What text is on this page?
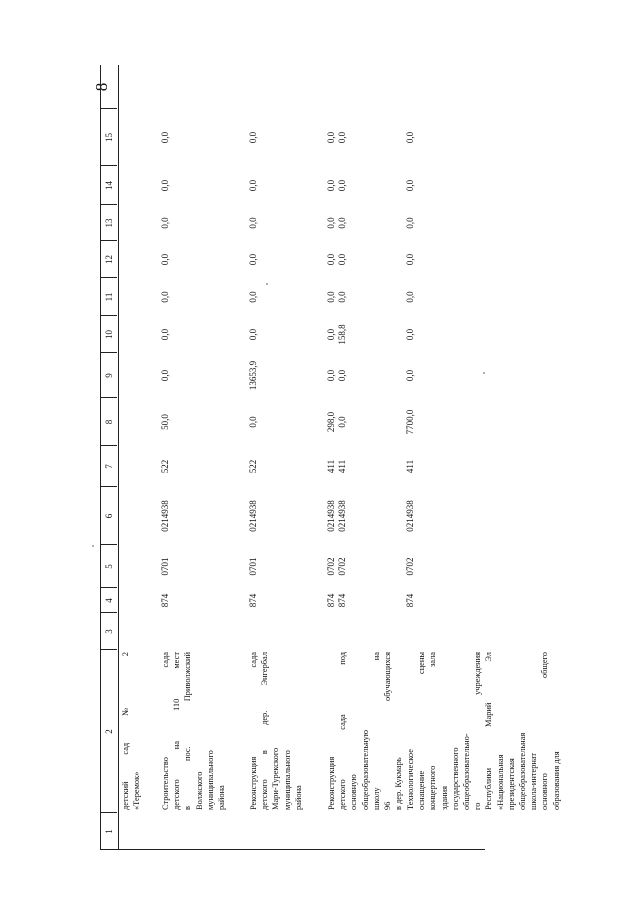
8
1
2
3
4
5
6
7
8
9
10
11
12
13
14
15
детский сад № 2 «Теремок» Строительство сада детского на 110 мест в пос. Приволжский Волжского муниципального района
874
0701
0214938
522
50,0
0,0
0,0
0,0
0,0
0,0
0,0
0,0
Реконструкция сада детского в дер. Энгербал Мари-Турекского муниципального района
874
0701
0214938
522
0,0
13653,9
0,0
0,0
0,0
0,0
0,0
0,0
Реконструкция детского сада под основную общеобразовательную школу на 96 обучающихся в дер. Кукмарь
874
0702
0214938
411
298,0
0,0
0,0
0,0
0,0
0,0
0,0
0,0
874
0702
0214938
411
0,0
0,0
158,8
0,0
0,0
0,0
0,0
0,0
Технологическое оснащение сцены концертного зала здания государственного общеобразовательно- го учреждения Республики Марий Эл «Национальная президентская общеобразовательная школа-интернат основного общего образования для
874
0702
0214938
411
7700,0
0,0
0,0
0,0
0,0
0,0
0,0
0,0
